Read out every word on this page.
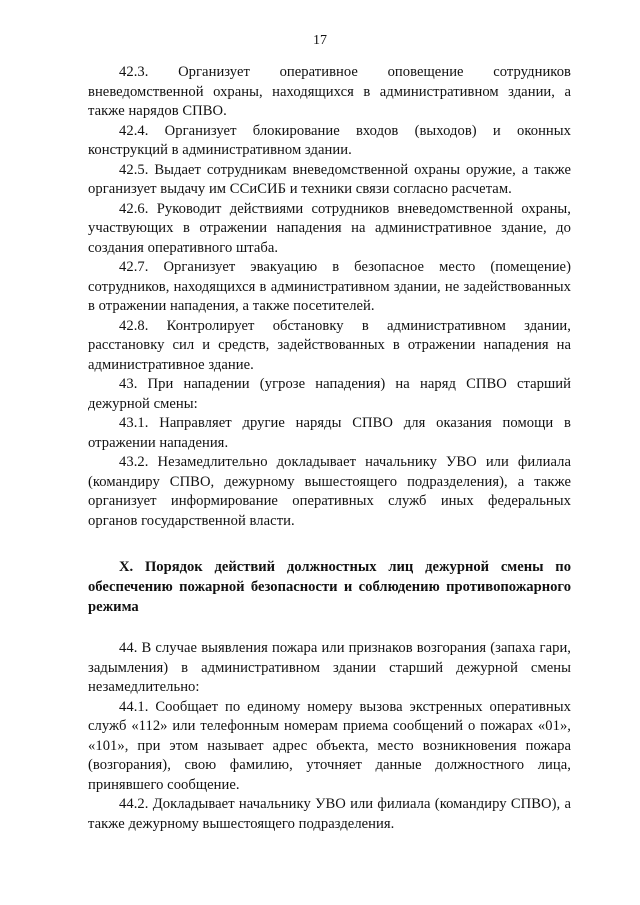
17

42.3. Организует оперативное оповещение сотрудников вневедомственной охраны, находящихся в административном здании, а также нарядов СПВО.

42.4. Организует блокирование входов (выходов) и оконных конструкций в административном здании.

42.5. Выдает сотрудникам вневедомственной охраны оружие, а также организует выдачу им ССиСИБ и техники связи согласно расчетам.

42.6. Руководит действиями сотрудников вневедомственной охраны, участвующих в отражении нападения на административное здание, до создания оперативного штаба.

42.7. Организует эвакуацию в безопасное место (помещение) сотрудников, находящихся в административном здании, не задействованных в отражении нападения, а также посетителей.

42.8. Контролирует обстановку в административном здании, расстановку сил и средств, задействованных в отражении нападения на административное здание.

43. При нападении (угрозе нападения) на наряд СПВО старший дежурной смены:

43.1. Направляет другие наряды СПВО для оказания помощи в отражении нападения.

43.2. Незамедлительно докладывает начальнику УВО или филиала (командиру СПВО, дежурному вышестоящего подразделения), а также организует информирование оперативных служб иных федеральных органов государственной власти.

X. Порядок действий должностных лиц дежурной смены по обеспечению пожарной безопасности и соблюдению противопожарного режима

44. В случае выявления пожара или признаков возгорания (запаха гари, задымления) в административном здании старший дежурной смены незамедлительно:

44.1. Сообщает по единому номеру вызова экстренных оперативных служб «112» или телефонным номерам приема сообщений о пожарах «01», «101», при этом называет адрес объекта, место возникновения пожара (возгорания), свою фамилию, уточняет данные должностного лица, принявшего сообщение.

44.2. Докладывает начальнику УВО или филиала (командиру СПВО), а также дежурному вышестоящего подразделения.
